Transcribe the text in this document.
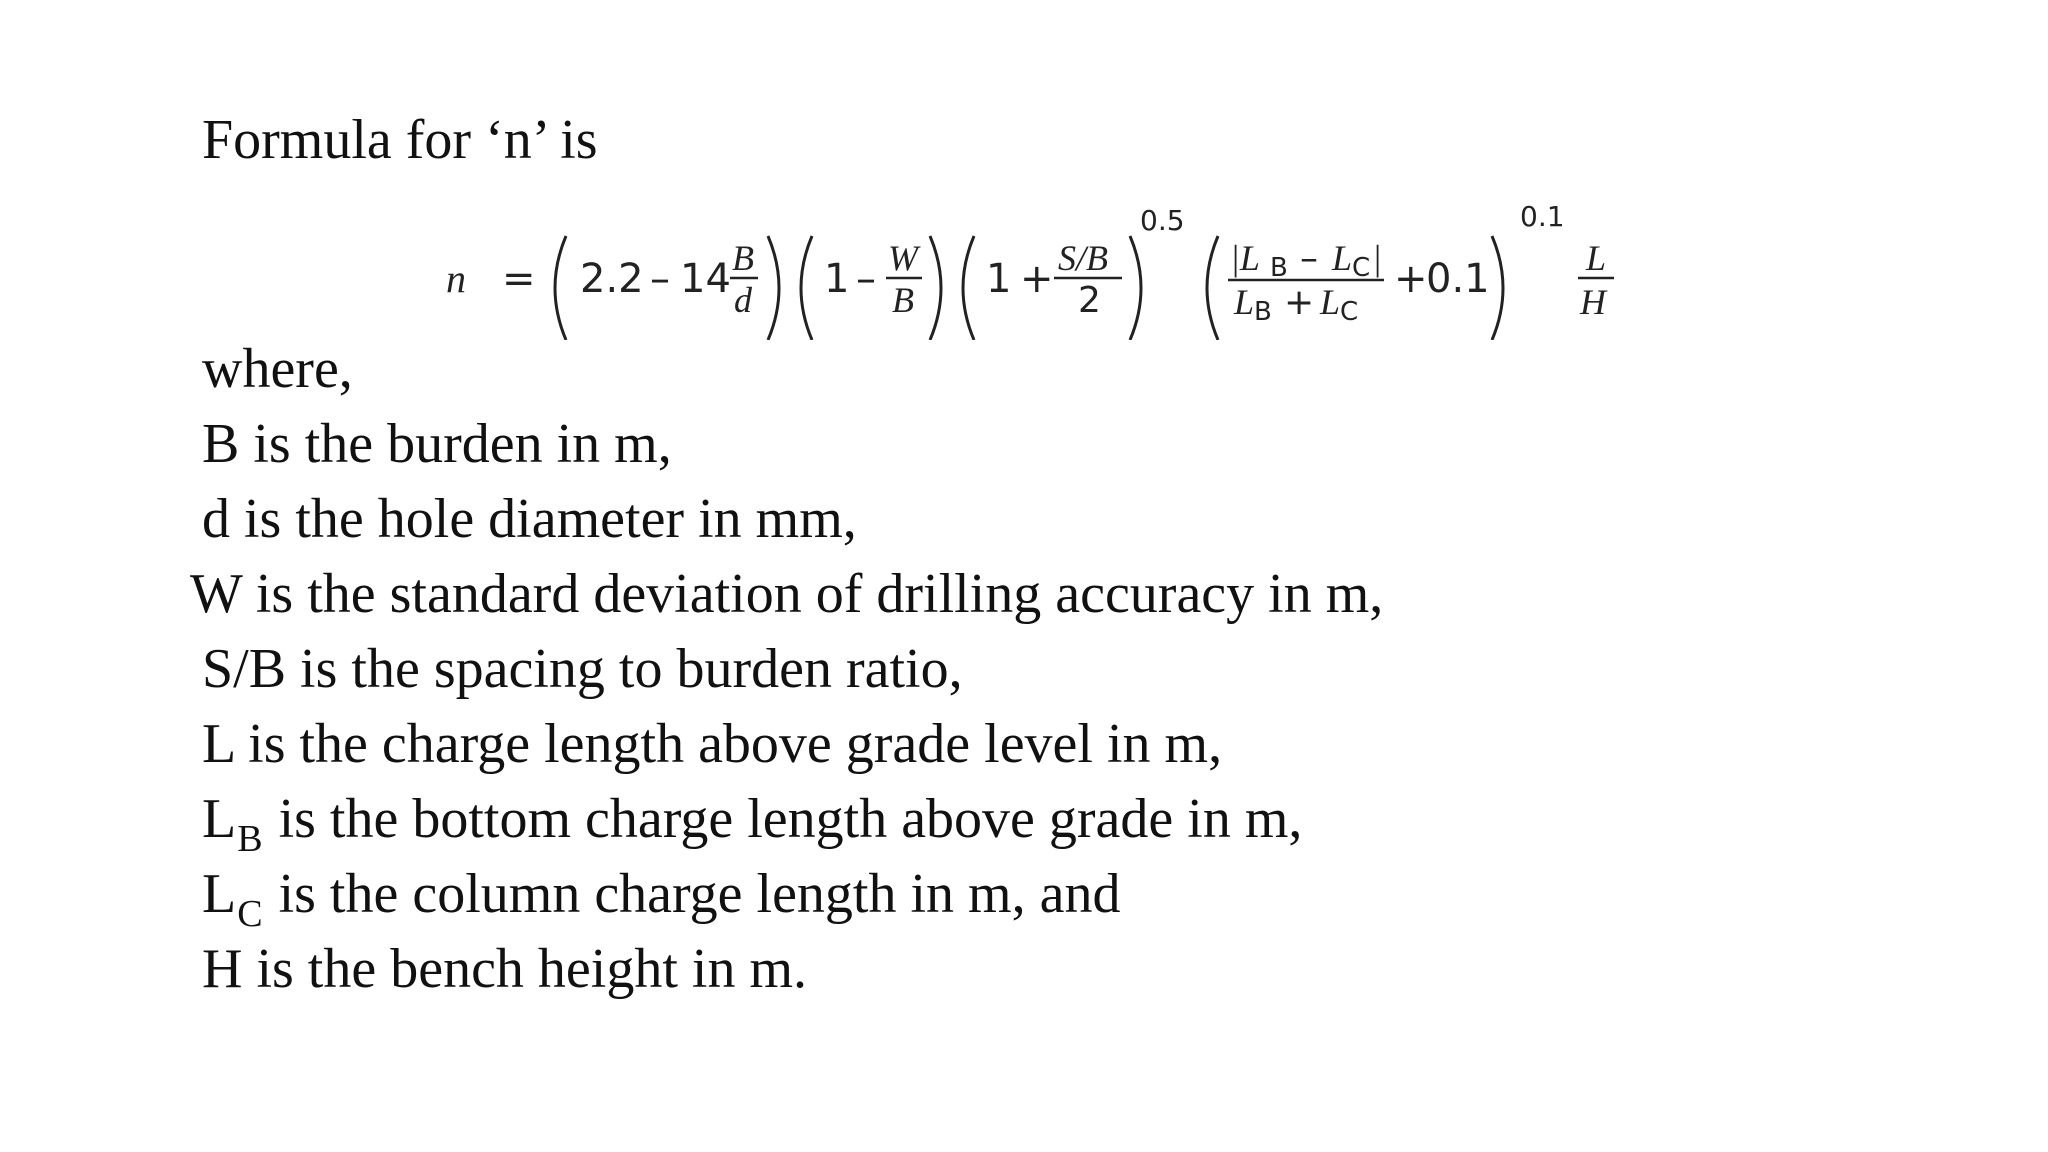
Formula for ‘n’ is
n = 2.2 – 14 B
d 1 – W
B 1 + S/B
2
0.5
|L B – L C |
L B + L C
+
0.1
0.1
L
H
where,
B is the burden in m,
d is the hole diameter in mm,
W is the standard deviation of drilling accuracy in m,
S/B is the spacing to burden ratio,
L is the charge length above grade level in m,
$L_B$ is the bottom charge length above grade in m,
$L_C$ is the column charge length in m, and
H is the bench height in m.
